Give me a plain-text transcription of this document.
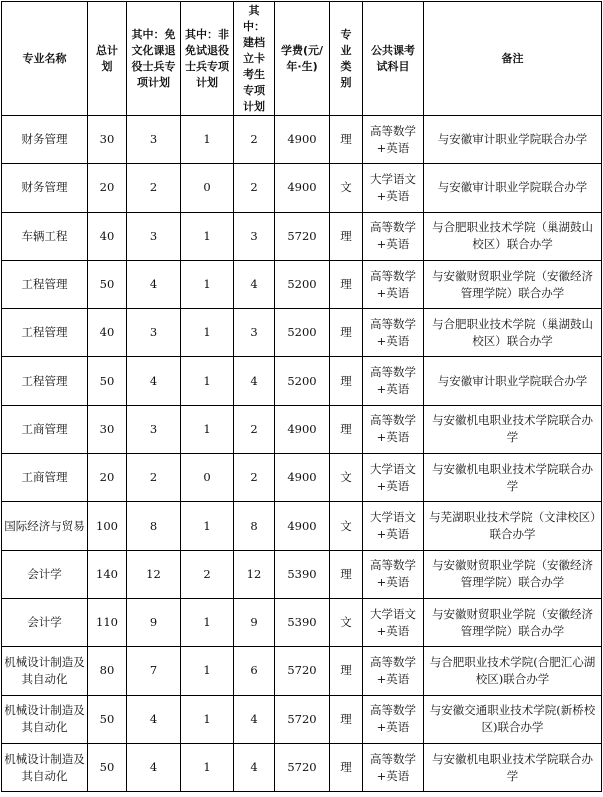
专业名称	总计划	其中：免文化课退役士兵专项计划	其中：非免试退役士兵专项计划	其中：建档立卡考生专项计划	学费(元/年·生)	专业类别	公共课考试科目	备注
财务管理	30	3	1	2	4900	理	高等数学+英语	与安徽审计职业学院联合办学
财务管理	20	2	0	2	4900	文	大学语文+英语	与安徽审计职业学院联合办学
车辆工程	40	3	1	3	5720	理	高等数学+英语	与合肥职业技术学院（巢湖鼓山校区）联合办学
工程管理	50	4	1	4	5200	理	高等数学+英语	与安徽财贸职业学院（安徽经济管理学院）联合办学
工程管理	40	3	1	3	5200	理	高等数学+英语	与合肥职业技术学院（巢湖鼓山校区）联合办学
工程管理	50	4	1	4	5200	理	高等数学+英语	与安徽审计职业学院联合办学
工商管理	30	3	1	2	4900	理	高等数学+英语	与安徽机电职业技术学院联合办学
工商管理	20	2	0	2	4900	文	大学语文+英语	与安徽机电职业技术学院联合办学
国际经济与贸易	100	8	1	8	4900	文	大学语文+英语	与芜湖职业技术学院（文津校区）联合办学
会计学	140	12	2	12	5390	理	高等数学+英语	与安徽财贸职业学院（安徽经济管理学院）联合办学
会计学	110	9	1	9	5390	文	大学语文+英语	与安徽财贸职业学院（安徽经济管理学院）联合办学
机械设计制造及其自动化	80	7	1	6	5720	理	高等数学+英语	与合肥职业技术学院(合肥汇心湖校区)联合办学
机械设计制造及其自动化	50	4	1	4	5720	理	高等数学+英语	与安徽交通职业技术学院(新桥校区)联合办学
机械设计制造及其自动化	50	4	1	4	5720	理	高等数学+英语	与安徽机电职业技术学院联合办学
